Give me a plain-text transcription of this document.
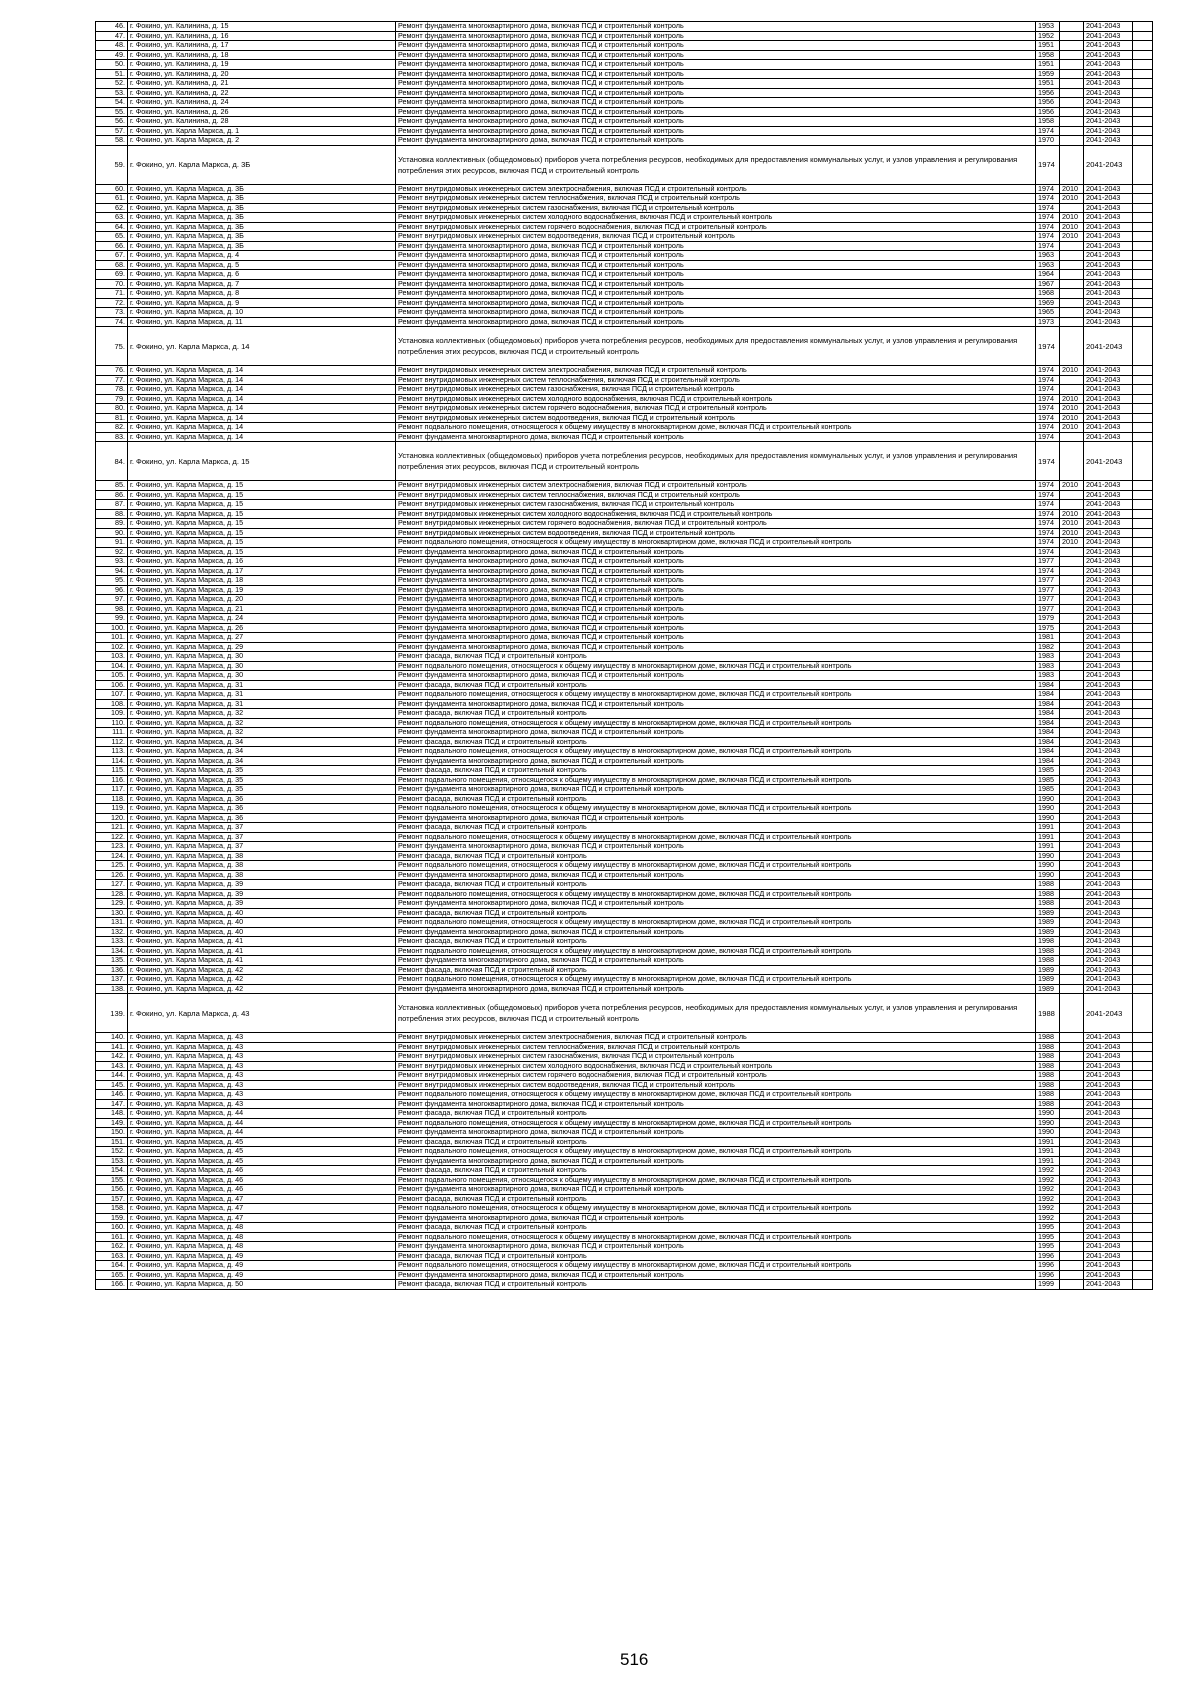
46.	г. Фокино, ул. Калинина, д. 15	Ремонт фундамента многоквартирного дома, включая ПСД и строительный контроль	1953		2041-2043	
47.	г. Фокино, ул. Калинина, д. 16	Ремонт фундамента многоквартирного дома, включая ПСД и строительный контроль	1952		2041-2043	
48.	г. Фокино, ул. Калинина, д. 17	Ремонт фундамента многоквартирного дома, включая ПСД и строительный контроль	1951		2041-2043	
49.	г. Фокино, ул. Калинина, д. 18	Ремонт фундамента многоквартирного дома, включая ПСД и строительный контроль	1958		2041-2043	
50.	г. Фокино, ул. Калинина, д. 19	Ремонт фундамента многоквартирного дома, включая ПСД и строительный контроль	1951		2041-2043	
51.	г. Фокино, ул. Калинина, д. 20	Ремонт фундамента многоквартирного дома, включая ПСД и строительный контроль	1959		2041-2043	
52.	г. Фокино, ул. Калинина, д. 21	Ремонт фундамента многоквартирного дома, включая ПСД и строительный контроль	1951		2041-2043	
53.	г. Фокино, ул. Калинина, д. 22	Ремонт фундамента многоквартирного дома, включая ПСД и строительный контроль	1956		2041-2043	
54.	г. Фокино, ул. Калинина, д. 24	Ремонт фундамента многоквартирного дома, включая ПСД и строительный контроль	1956		2041-2043	
55.	г. Фокино, ул. Калинина, д. 26	Ремонт фундамента многоквартирного дома, включая ПСД и строительный контроль	1956		2041-2043	
56.	г. Фокино, ул. Калинина, д. 28	Ремонт фундамента многоквартирного дома, включая ПСД и строительный контроль	1958		2041-2043	
57.	г. Фокино, ул. Карла Маркса, д. 1	Ремонт фундамента многоквартирного дома, включая ПСД и строительный контроль	1974		2041-2043	
58.	г. Фокино, ул. Карла Маркса, д. 2	Ремонт фундамента многоквартирного дома, включая ПСД и строительный контроль	1970		2041-2043	
59.	г. Фокино, ул. Карла Маркса, д. 3Б	Установка коллективных (общедомовых) приборов учета потребления ресурсов, необходимых для предоставления коммунальных услуг, и узлов управления и регулирования потребления этих ресурсов, включая ПСД и строительный контроль	1974		2041-2043	
60.	г. Фокино, ул. Карла Маркса, д. 3Б	Ремонт внутридомовых инженерных систем электроснабжения, включая ПСД и строительный контроль	1974	2010	2041-2043	
61.	г. Фокино, ул. Карла Маркса, д. 3Б	Ремонт внутридомовых инженерных систем теплоснабжения, включая ПСД и строительный контроль	1974	2010	2041-2043	
62.	г. Фокино, ул. Карла Маркса, д. 3Б	Ремонт внутридомовых инженерных систем газоснабжения, включая ПСД и строительный контроль	1974		2041-2043	
63.	г. Фокино, ул. Карла Маркса, д. 3Б	Ремонт внутридомовых инженерных систем холодного водоснабжения, включая ПСД и строительный контроль	1974	2010	2041-2043	
64.	г. Фокино, ул. Карла Маркса, д. 3Б	Ремонт внутридомовых инженерных систем горячего водоснабжения, включая ПСД и строительный контроль	1974	2010	2041-2043	
65.	г. Фокино, ул. Карла Маркса, д. 3Б	Ремонт внутридомовых инженерных систем водоотведения, включая ПСД и строительный контроль	1974	2010	2041-2043	
66.	г. Фокино, ул. Карла Маркса, д. 3Б	Ремонт фундамента многоквартирного дома, включая ПСД и строительный контроль	1974		2041-2043	
67.	г. Фокино, ул. Карла Маркса, д. 4	Ремонт фундамента многоквартирного дома, включая ПСД и строительный контроль	1963		2041-2043	
68.	г. Фокино, ул. Карла Маркса, д. 5	Ремонт фундамента многоквартирного дома, включая ПСД и строительный контроль	1963		2041-2043	
69.	г. Фокино, ул. Карла Маркса, д. 6	Ремонт фундамента многоквартирного дома, включая ПСД и строительный контроль	1964		2041-2043	
70.	г. Фокино, ул. Карла Маркса, д. 7	Ремонт фундамента многоквартирного дома, включая ПСД и строительный контроль	1967		2041-2043	
71.	г. Фокино, ул. Карла Маркса, д. 8	Ремонт фундамента многоквартирного дома, включая ПСД и строительный контроль	1968		2041-2043	
72.	г. Фокино, ул. Карла Маркса, д. 9	Ремонт фундамента многоквартирного дома, включая ПСД и строительный контроль	1969		2041-2043	
73.	г. Фокино, ул. Карла Маркса, д. 10	Ремонт фундамента многоквартирного дома, включая ПСД и строительный контроль	1965		2041-2043	
74.	г. Фокино, ул. Карла Маркса, д. 11	Ремонт фундамента многоквартирного дома, включая ПСД и строительный контроль	1973		2041-2043	
75.	г. Фокино, ул. Карла Маркса, д. 14	Установка коллективных (общедомовых) приборов учета потребления ресурсов, необходимых для предоставления коммунальных услуг, и узлов управления и регулирования потребления этих ресурсов, включая ПСД и строительный контроль	1974		2041-2043	
76.	г. Фокино, ул. Карла Маркса, д. 14	Ремонт внутридомовых инженерных систем электроснабжения, включая ПСД и строительный контроль	1974	2010	2041-2043	
77.	г. Фокино, ул. Карла Маркса, д. 14	Ремонт внутридомовых инженерных систем теплоснабжения, включая ПСД и строительный контроль	1974		2041-2043	
78.	г. Фокино, ул. Карла Маркса, д. 14	Ремонт внутридомовых инженерных систем газоснабжения, включая ПСД и строительный контроль	1974		2041-2043	
79.	г. Фокино, ул. Карла Маркса, д. 14	Ремонт внутридомовых инженерных систем холодного водоснабжения, включая ПСД и строительный контроль	1974	2010	2041-2043	
80.	г. Фокино, ул. Карла Маркса, д. 14	Ремонт внутридомовых инженерных систем горячего водоснабжения, включая ПСД и строительный контроль	1974	2010	2041-2043	
81.	г. Фокино, ул. Карла Маркса, д. 14	Ремонт внутридомовых инженерных систем водоотведения, включая ПСД и строительный контроль	1974	2010	2041-2043	
82.	г. Фокино, ул. Карла Маркса, д. 14	Ремонт подвального помещения, относящегося к общему имуществу в многоквартирном доме, включая ПСД и строительный контроль	1974	2010	2041-2043	
83.	г. Фокино, ул. Карла Маркса, д. 14	Ремонт фундамента многоквартирного дома, включая ПСД и строительный контроль	1974		2041-2043	
84.	г. Фокино, ул. Карла Маркса, д. 15	Установка коллективных (общедомовых) приборов учета потребления ресурсов, необходимых для предоставления коммунальных услуг, и узлов управления и регулирования потребления этих ресурсов, включая ПСД и строительный контроль	1974		2041-2043	
85.	г. Фокино, ул. Карла Маркса, д. 15	Ремонт внутридомовых инженерных систем электроснабжения, включая ПСД и строительный контроль	1974	2010	2041-2043	
86.	г. Фокино, ул. Карла Маркса, д. 15	Ремонт внутридомовых инженерных систем теплоснабжения, включая ПСД и строительный контроль	1974		2041-2043	
87.	г. Фокино, ул. Карла Маркса, д. 15	Ремонт внутридомовых инженерных систем газоснабжения, включая ПСД и строительный контроль	1974		2041-2043	
88.	г. Фокино, ул. Карла Маркса, д. 15	Ремонт внутридомовых инженерных систем холодного водоснабжения, включая ПСД и строительный контроль	1974	2010	2041-2043	
89.	г. Фокино, ул. Карла Маркса, д. 15	Ремонт внутридомовых инженерных систем горячего водоснабжения, включая ПСД и строительный контроль	1974	2010	2041-2043	
90.	г. Фокино, ул. Карла Маркса, д. 15	Ремонт внутридомовых инженерных систем водоотведения, включая ПСД и строительный контроль	1974	2010	2041-2043	
91.	г. Фокино, ул. Карла Маркса, д. 15	Ремонт подвального помещения, относящегося к общему имуществу в многоквартирном доме, включая ПСД и строительный контроль	1974	2010	2041-2043	
92.	г. Фокино, ул. Карла Маркса, д. 15	Ремонт фундамента многоквартирного дома, включая ПСД и строительный контроль	1974		2041-2043	
93.	г. Фокино, ул. Карла Маркса, д. 16	Ремонт фундамента многоквартирного дома, включая ПСД и строительный контроль	1977		2041-2043	
94.	г. Фокино, ул. Карла Маркса, д. 17	Ремонт фундамента многоквартирного дома, включая ПСД и строительный контроль	1974		2041-2043	
95.	г. Фокино, ул. Карла Маркса, д. 18	Ремонт фундамента многоквартирного дома, включая ПСД и строительный контроль	1977		2041-2043	
96.	г. Фокино, ул. Карла Маркса, д. 19	Ремонт фундамента многоквартирного дома, включая ПСД и строительный контроль	1977		2041-2043	
97.	г. Фокино, ул. Карла Маркса, д. 20	Ремонт фундамента многоквартирного дома, включая ПСД и строительный контроль	1977		2041-2043	
98.	г. Фокино, ул. Карла Маркса, д. 21	Ремонт фундамента многоквартирного дома, включая ПСД и строительный контроль	1977		2041-2043	
99.	г. Фокино, ул. Карла Маркса, д. 24	Ремонт фундамента многоквартирного дома, включая ПСД и строительный контроль	1979		2041-2043	
100.	г. Фокино, ул. Карла Маркса, д. 26	Ремонт фундамента многоквартирного дома, включая ПСД и строительный контроль	1975		2041-2043	
101.	г. Фокино, ул. Карла Маркса, д. 27	Ремонт фундамента многоквартирного дома, включая ПСД и строительный контроль	1981		2041-2043	
102.	г. Фокино, ул. Карла Маркса, д. 29	Ремонт фундамента многоквартирного дома, включая ПСД и строительный контроль	1982		2041-2043	
103.	г. Фокино, ул. Карла Маркса, д. 30	Ремонт фасада, включая ПСД и строительный контроль	1983		2041-2043	
104.	г. Фокино, ул. Карла Маркса, д. 30	Ремонт подвального помещения, относящегося к общему имуществу в многоквартирном доме, включая ПСД и строительный контроль	1983		2041-2043	
105.	г. Фокино, ул. Карла Маркса, д. 30	Ремонт фундамента многоквартирного дома, включая ПСД и строительный контроль	1983		2041-2043	
106.	г. Фокино, ул. Карла Маркса, д. 31	Ремонт фасада, включая ПСД и строительный контроль	1984		2041-2043	
107.	г. Фокино, ул. Карла Маркса, д. 31	Ремонт подвального помещения, относящегося к общему имуществу в многоквартирном доме, включая ПСД и строительный контроль	1984		2041-2043	
108.	г. Фокино, ул. Карла Маркса, д. 31	Ремонт фундамента многоквартирного дома, включая ПСД и строительный контроль	1984		2041-2043	
109.	г. Фокино, ул. Карла Маркса, д. 32	Ремонт фасада, включая ПСД и строительный контроль	1984		2041-2043	
110.	г. Фокино, ул. Карла Маркса, д. 32	Ремонт подвального помещения, относящегося к общему имуществу в многоквартирном доме, включая ПСД и строительный контроль	1984		2041-2043	
111.	г. Фокино, ул. Карла Маркса, д. 32	Ремонт фундамента многоквартирного дома, включая ПСД и строительный контроль	1984		2041-2043	
112.	г. Фокино, ул. Карла Маркса, д. 34	Ремонт фасада, включая ПСД и строительный контроль	1984		2041-2043	
113.	г. Фокино, ул. Карла Маркса, д. 34	Ремонт подвального помещения, относящегося к общему имуществу в многоквартирном доме, включая ПСД и строительный контроль	1984		2041-2043	
114.	г. Фокино, ул. Карла Маркса, д. 34	Ремонт фундамента многоквартирного дома, включая ПСД и строительный контроль	1984		2041-2043	
115.	г. Фокино, ул. Карла Маркса, д. 35	Ремонт фасада, включая ПСД и строительный контроль	1985		2041-2043	
116.	г. Фокино, ул. Карла Маркса, д. 35	Ремонт подвального помещения, относящегося к общему имуществу в многоквартирном доме, включая ПСД и строительный контроль	1985		2041-2043	
117.	г. Фокино, ул. Карла Маркса, д. 35	Ремонт фундамента многоквартирного дома, включая ПСД и строительный контроль	1985		2041-2043	
118.	г. Фокино, ул. Карла Маркса, д. 36	Ремонт фасада, включая ПСД и строительный контроль	1990		2041-2043	
119.	г. Фокино, ул. Карла Маркса, д. 36	Ремонт подвального помещения, относящегося к общему имуществу в многоквартирном доме, включая ПСД и строительный контроль	1990		2041-2043	
120.	г. Фокино, ул. Карла Маркса, д. 36	Ремонт фундамента многоквартирного дома, включая ПСД и строительный контроль	1990		2041-2043	
121.	г. Фокино, ул. Карла Маркса, д. 37	Ремонт фасада, включая ПСД и строительный контроль	1991		2041-2043	
122.	г. Фокино, ул. Карла Маркса, д. 37	Ремонт подвального помещения, относящегося к общему имуществу в многоквартирном доме, включая ПСД и строительный контроль	1991		2041-2043	
123.	г. Фокино, ул. Карла Маркса, д. 37	Ремонт фундамента многоквартирного дома, включая ПСД и строительный контроль	1991		2041-2043	
124.	г. Фокино, ул. Карла Маркса, д. 38	Ремонт фасада, включая ПСД и строительный контроль	1990		2041-2043	
125.	г. Фокино, ул. Карла Маркса, д. 38	Ремонт подвального помещения, относящегося к общему имуществу в многоквартирном доме, включая ПСД и строительный контроль	1990		2041-2043	
126.	г. Фокино, ул. Карла Маркса, д. 38	Ремонт фундамента многоквартирного дома, включая ПСД и строительный контроль	1990		2041-2043	
127.	г. Фокино, ул. Карла Маркса, д. 39	Ремонт фасада, включая ПСД и строительный контроль	1988		2041-2043	
128.	г. Фокино, ул. Карла Маркса, д. 39	Ремонт подвального помещения, относящегося к общему имуществу в многоквартирном доме, включая ПСД и строительный контроль	1988		2041-2043	
129.	г. Фокино, ул. Карла Маркса, д. 39	Ремонт фундамента многоквартирного дома, включая ПСД и строительный контроль	1988		2041-2043	
130.	г. Фокино, ул. Карла Маркса, д. 40	Ремонт фасада, включая ПСД и строительный контроль	1989		2041-2043	
131.	г. Фокино, ул. Карла Маркса, д. 40	Ремонт подвального помещения, относящегося к общему имуществу в многоквартирном доме, включая ПСД и строительный контроль	1989		2041-2043	
132.	г. Фокино, ул. Карла Маркса, д. 40	Ремонт фундамента многоквартирного дома, включая ПСД и строительный контроль	1989		2041-2043	
133.	г. Фокино, ул. Карла Маркса, д. 41	Ремонт фасада, включая ПСД и строительный контроль	1998		2041-2043	
134.	г. Фокино, ул. Карла Маркса, д. 41	Ремонт подвального помещения, относящегося к общему имуществу в многоквартирном доме, включая ПСД и строительный контроль	1988		2041-2043	
135.	г. Фокино, ул. Карла Маркса, д. 41	Ремонт фундамента многоквартирного дома, включая ПСД и строительный контроль	1988		2041-2043	
136.	г. Фокино, ул. Карла Маркса, д. 42	Ремонт фасада, включая ПСД и строительный контроль	1989		2041-2043	
137.	г. Фокино, ул. Карла Маркса, д. 42	Ремонт подвального помещения, относящегося к общему имуществу в многоквартирном доме, включая ПСД и строительный контроль	1989		2041-2043	
138.	г. Фокино, ул. Карла Маркса, д. 42	Ремонт фундамента многоквартирного дома, включая ПСД и строительный контроль	1989		2041-2043	
139.	г. Фокино, ул. Карла Маркса, д. 43	Установка коллективных (общедомовых) приборов учета потребления ресурсов, необходимых для предоставления коммунальных услуг, и узлов управления и регулирования потребления этих ресурсов, включая ПСД и строительный контроль	1988		2041-2043	
140.	г. Фокино, ул. Карла Маркса, д. 43	Ремонт внутридомовых инженерных систем электроснабжения, включая ПСД и строительный контроль	1988		2041-2043	
141.	г. Фокино, ул. Карла Маркса, д. 43	Ремонт внутридомовых инженерных систем теплоснабжения, включая ПСД и строительный контроль	1988		2041-2043	
142.	г. Фокино, ул. Карла Маркса, д. 43	Ремонт внутридомовых инженерных систем газоснабжения, включая ПСД и строительный контроль	1988		2041-2043	
143.	г. Фокино, ул. Карла Маркса, д. 43	Ремонт внутридомовых инженерных систем холодного водоснабжения, включая ПСД и строительный контроль	1988		2041-2043	
144.	г. Фокино, ул. Карла Маркса, д. 43	Ремонт внутридомовых инженерных систем горячего водоснабжения, включая ПСД и строительный контроль	1988		2041-2043	
145.	г. Фокино, ул. Карла Маркса, д. 43	Ремонт внутридомовых инженерных систем водоотведения, включая ПСД и строительный контроль	1988		2041-2043	
146.	г. Фокино, ул. Карла Маркса, д. 43	Ремонт подвального помещения, относящегося к общему имуществу в многоквартирном доме, включая ПСД и строительный контроль	1988		2041-2043	
147.	г. Фокино, ул. Карла Маркса, д. 43	Ремонт фундамента многоквартирного дома, включая ПСД и строительный контроль	1988		2041-2043	
148.	г. Фокино, ул. Карла Маркса, д. 44	Ремонт фасада, включая ПСД и строительный контроль	1990		2041-2043	
149.	г. Фокино, ул. Карла Маркса, д. 44	Ремонт подвального помещения, относящегося к общему имуществу в многоквартирном доме, включая ПСД и строительный контроль	1990		2041-2043	
150.	г. Фокино, ул. Карла Маркса, д. 44	Ремонт фундамента многоквартирного дома, включая ПСД и строительный контроль	1990		2041-2043	
151.	г. Фокино, ул. Карла Маркса, д. 45	Ремонт фасада, включая ПСД и строительный контроль	1991		2041-2043	
152.	г. Фокино, ул. Карла Маркса, д. 45	Ремонт подвального помещения, относящегося к общему имуществу в многоквартирном доме, включая ПСД и строительный контроль	1991		2041-2043	
153.	г. Фокино, ул. Карла Маркса, д. 45	Ремонт фундамента многоквартирного дома, включая ПСД и строительный контроль	1991		2041-2043	
154.	г. Фокино, ул. Карла Маркса, д. 46	Ремонт фасада, включая ПСД и строительный контроль	1992		2041-2043	
155.	г. Фокино, ул. Карла Маркса, д. 46	Ремонт подвального помещения, относящегося к общему имуществу в многоквартирном доме, включая ПСД и строительный контроль	1992		2041-2043	
156.	г. Фокино, ул. Карла Маркса, д. 46	Ремонт фундамента многоквартирного дома, включая ПСД и строительный контроль	1992		2041-2043	
157.	г. Фокино, ул. Карла Маркса, д. 47	Ремонт фасада, включая ПСД и строительный контроль	1992		2041-2043	
158.	г. Фокино, ул. Карла Маркса, д. 47	Ремонт подвального помещения, относящегося к общему имуществу в многоквартирном доме, включая ПСД и строительный контроль	1992		2041-2043	
159.	г. Фокино, ул. Карла Маркса, д. 47	Ремонт фундамента многоквартирного дома, включая ПСД и строительный контроль	1992		2041-2043	
160.	г. Фокино, ул. Карла Маркса, д. 48	Ремонт фасада, включая ПСД и строительный контроль	1995		2041-2043	
161.	г. Фокино, ул. Карла Маркса, д. 48	Ремонт подвального помещения, относящегося к общему имуществу в многоквартирном доме, включая ПСД и строительный контроль	1995		2041-2043	
162.	г. Фокино, ул. Карла Маркса, д. 48	Ремонт фундамента многоквартирного дома, включая ПСД и строительный контроль	1995		2041-2043	
163.	г. Фокино, ул. Карла Маркса, д. 49	Ремонт фасада, включая ПСД и строительный контроль	1996		2041-2043	
164.	г. Фокино, ул. Карла Маркса, д. 49	Ремонт подвального помещения, относящегося к общему имуществу в многоквартирном доме, включая ПСД и строительный контроль	1996		2041-2043	
165.	г. Фокино, ул. Карла Маркса, д. 49	Ремонт фундамента многоквартирного дома, включая ПСД и строительный контроль	1996		2041-2043	
166.	г. Фокино, ул. Карла Маркса, д. 50	Ремонт фасада, включая ПСД и строительный контроль	1999		2041-2043	
516
